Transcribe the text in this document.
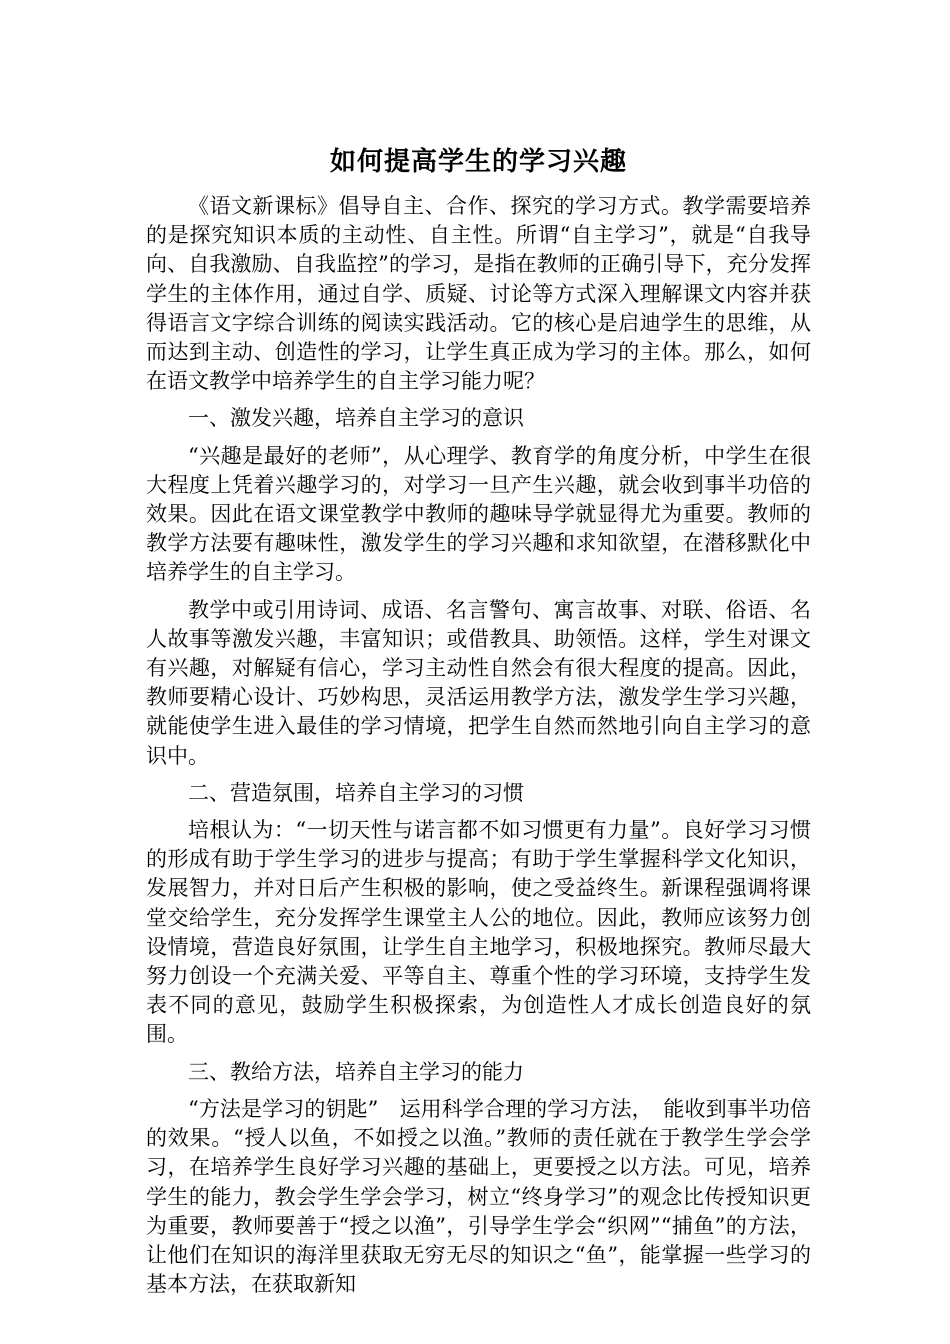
如何提高学生的学习兴趣

《语文新课标》倡导自主、合作、探究的学习方式。教学需要培养的是探究知识本质的主动性、自主性。所谓“自主学习”，就是“自我导向、自我激励、自我监控”的学习，是指在教师的正确引导下，充分发挥学生的主体作用，通过自学、质疑、讨论等方式深入理解课文内容并获得语言文字综合训练的阅读实践活动。它的核心是启迪学生的思维，从而达到主动、创造性的学习，让学生真正成为学习的主体。那么，如何在语文教学中培养学生的自主学习能力呢？

一、激发兴趣，培养自主学习的意识

“兴趣是最好的老师”，从心理学、教育学的角度分析，中学生在很大程度上凭着兴趣学习的，对学习一旦产生兴趣，就会收到事半功倍的效果。因此在语文课堂教学中教师的趣味导学就显得尤为重要。教师的教学方法要有趣味性，激发学生的学习兴趣和求知欲望，在潜移默化中培养学生的自主学习。

教学中或引用诗词、成语、名言警句、寓言故事、对联、俗语、名人故事等激发兴趣，丰富知识；或借教具、助领悟。这样，学生对课文有兴趣，对解疑有信心，学习主动性自然会有很大程度的提高。因此，教师要精心设计、巧妙构思，灵活运用教学方法，激发学生学习兴趣，就能使学生进入最佳的学习情境，把学生自然而然地引向自主学习的意识中。

二、营造氛围，培养自主学习的习惯

培根认为：“一切天性与诺言都不如习惯更有力量”。良好学习习惯的形成有助于学生学习的进步与提高；有助于学生掌握科学文化知识，发展智力，并对日后产生积极的影响，使之受益终生。新课程强调将课堂交给学生，充分发挥学生课堂主人公的地位。因此，教师应该努力创设情境，营造良好氛围，让学生自主地学习，积极地探究。教师尽最大努力创设一个充满关爱、平等自主、尊重个性的学习环境，支持学生发表不同的意见，鼓励学生积极探索，为创造性人才成长创造良好的氛围。

三、教给方法，培养自主学习的能力

“方法是学习的钥匙”　运用科学合理的学习方法，　能收到事半功倍的效果。“授人以鱼，不如授之以渔。”教师的责任就在于教学生学会学习，在培养学生良好学习兴趣的基础上，更要授之以方法。可见，培养学生的能力，教会学生学会学习，树立“终身学习”的观念比传授知识更为重要，教师要善于“授之以渔”，引导学生学会“织网”“捕鱼”的方法，让他们在知识的海洋里获取无穷无尽的知识之“鱼”，能掌握一些学习的基本方法，在获取新知
